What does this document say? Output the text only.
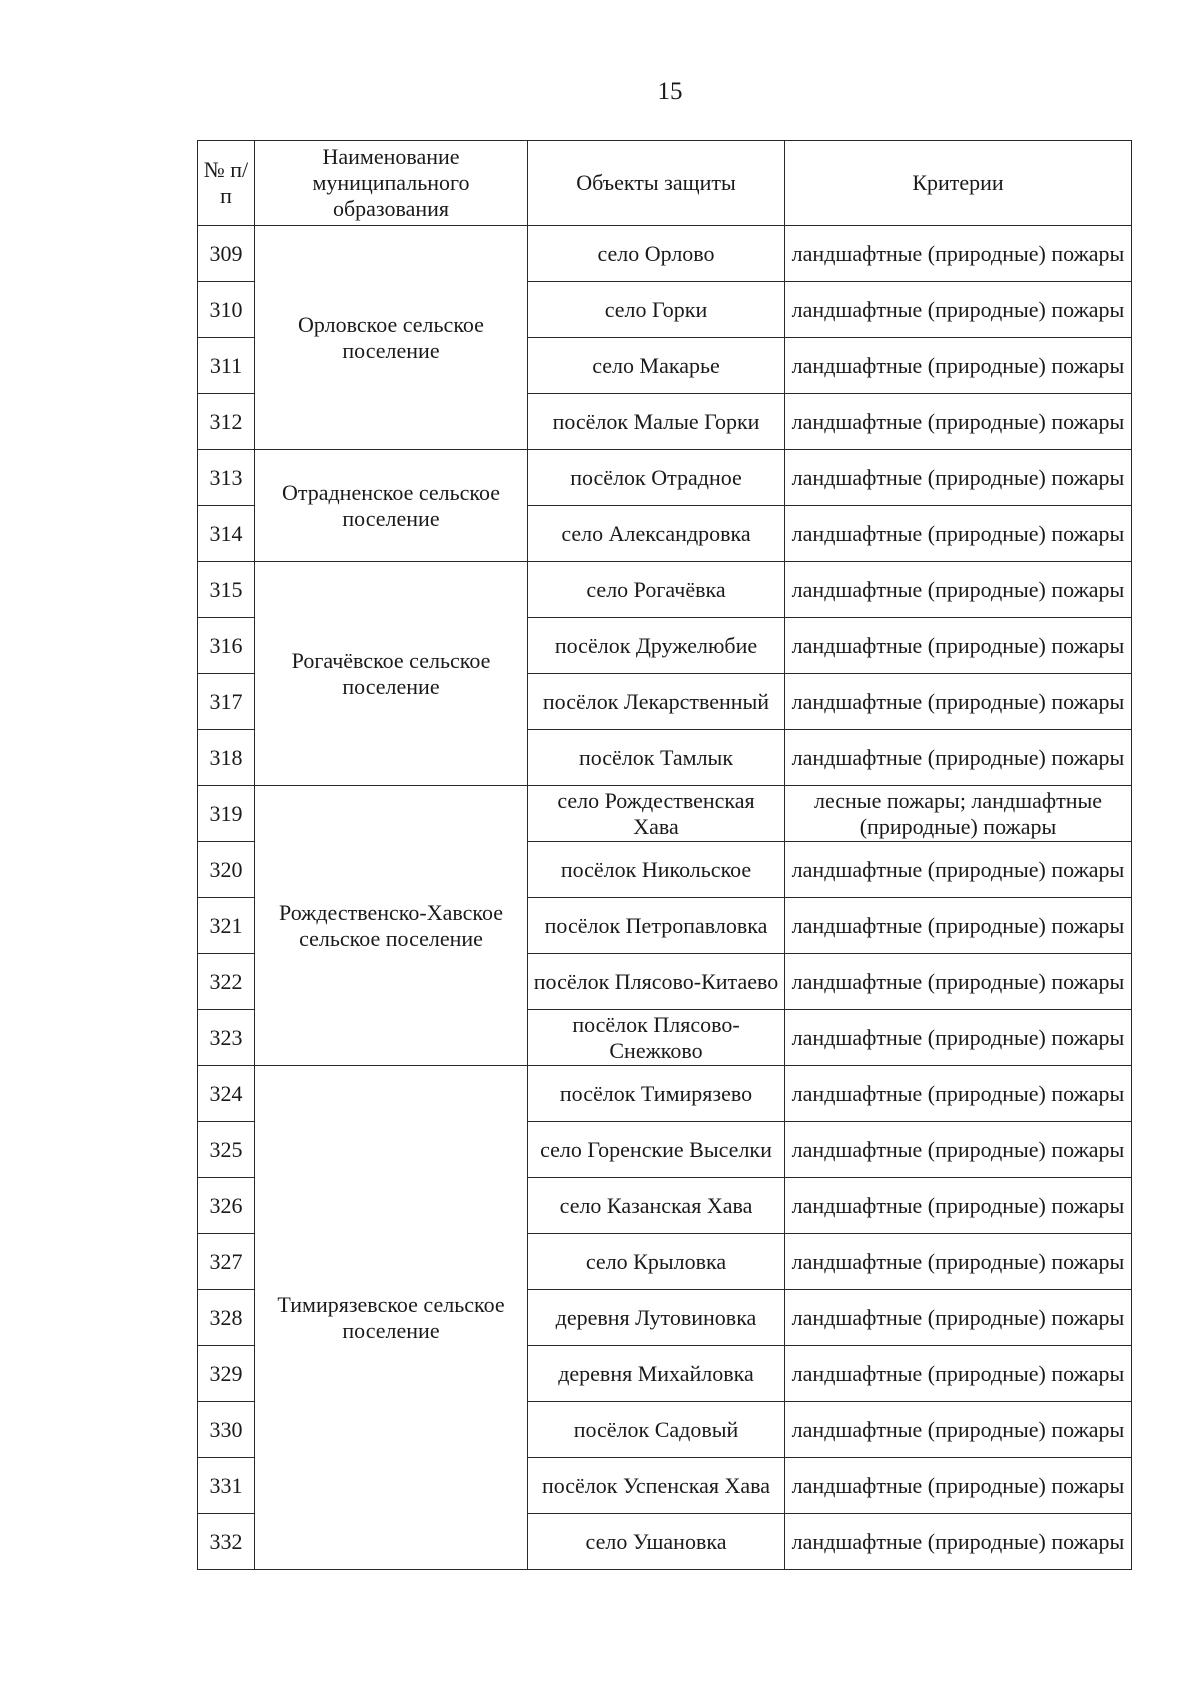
15
№ п/п	Наименование муниципального образования	Объекты защиты	Критерии
309	Орловское сельское поселение	село Орлово	ландшафтные (природные) пожары
310		село Горки	ландшафтные (природные) пожары
311		село Макарье	ландшафтные (природные) пожары
312		посёлок Малые Горки	ландшафтные (природные) пожары
313	Отрадненское сельское поселение	посёлок Отрадное	ландшафтные (природные) пожары
314		село Александровка	ландшафтные (природные) пожары
315	Рогачёвское сельское поселение	село Рогачёвка	ландшафтные (природные) пожары
316		посёлок Дружелюбие	ландшафтные (природные) пожары
317		посёлок Лекарственный	ландшафтные (природные) пожары
318		посёлок Тамлык	ландшафтные (природные) пожары
319	Рождественско-Хавское сельское поселение	село Рождественская Хава	лесные пожары; ландшафтные (природные) пожары
320		посёлок Никольское	ландшафтные (природные) пожары
321		посёлок Петропавловка	ландшафтные (природные) пожары
322		посёлок Плясово-Китаево	ландшафтные (природные) пожары
323		посёлок Плясово-Снежково	ландшафтные (природные) пожары
324	Тимирязевское сельское поселение	посёлок Тимирязево	ландшафтные (природные) пожары
325		село Горенские Выселки	ландшафтные (природные) пожары
326		село Казанская Хава	ландшафтные (природные) пожары
327		село Крыловка	ландшафтные (природные) пожары
328		деревня Лутовиновка	ландшафтные (природные) пожары
329		деревня Михайловка	ландшафтные (природные) пожары
330		посёлок Садовый	ландшафтные (природные) пожары
331		посёлок Успенская Хава	ландшафтные (природные) пожары
332		село Ушановка	ландшафтные (природные) пожары
